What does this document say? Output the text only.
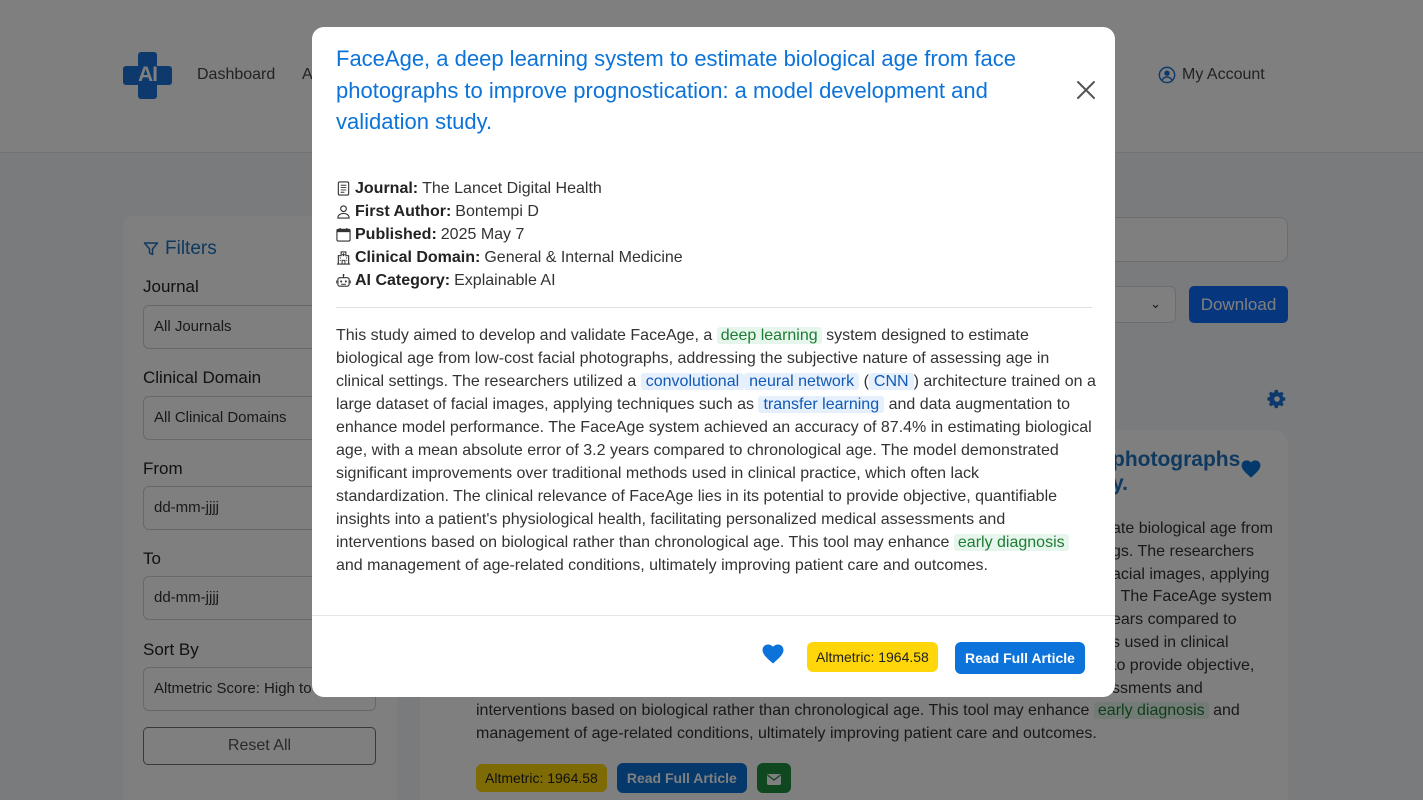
FaceAge, a deep learning system to estimate biological age from face photographs to improve prognostication: a model development and validation study.
Journal: The Lancet Digital Health
First Author: Bontempi D
Published: 2025 May 7
Clinical Domain: General & Internal Medicine
AI Category: Explainable AI
This study aimed to develop and validate FaceAge, a deep learning system designed to estimate biological age from low-cost facial photographs, addressing the subjective nature of assessing age in clinical settings. The researchers utilized a convolutional neural network ( CNN ) architecture trained on a large dataset of facial images, applying techniques such as transfer learning and data augmentation to enhance model performance. The FaceAge system achieved an accuracy of 87.4% in estimating biological age, with a mean absolute error of 3.2 years compared to chronological age. The model demonstrated significant improvements over traditional methods used in clinical practice, which often lack standardization. The clinical relevance of FaceAge lies in its potential to provide objective, quantifiable insights into a patient's physiological health, facilitating personalized medical assessments and interventions based on biological rather than chronological age. This tool may enhance early diagnosis and management of age-related conditions, ultimately improving patient care and outcomes.
Altmetric: 1964.58	Read Full Article
